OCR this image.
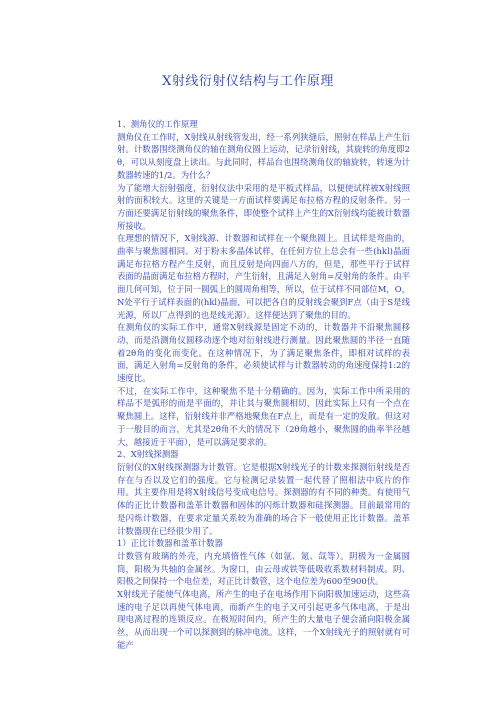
X射线衍射仪结构与工作原理

1、测角仪的工作原理

测角仪在工作时，X射线从射线管发出，经一系列狭缝后，照射在样品上产生衍射。计数器围绕测角仪的轴在测角仪圆上运动，记录衍射线，其旋转的角度即2θ，可以从刻度盘上读出。与此同时，样品台也围绕测角仪的轴旋转，转速为计数器转速的1/2。为什么？

为了能增大衍射强度，衍射仪法中采用的是平板式样品，以便使试样被X射线照射的面积较大。这里的关键是一方面试样要满足布拉格方程的反射条件。另一方面还要满足衍射线的聚焦条件，即使整个试样上产生的X衍射线均能被计数器所接收。

在理想的情况下，X射线源、计数器和试样在一个聚焦圆上。且试样是弯曲的，曲率与聚焦圆相同。对于粉末多晶体试样，在任何方位上总会有一些(hkl)晶面满足布拉格方程产生反射，而且反射是向四面八方的，但是，那些平行于试样表面的晶面满足布拉格方程时，产生衍射，且满足入射角=反射角的条件。由平面几何可知，位于同一圆弧上的圆周角相等，所以，位于试样不同部位M，O，N处平行于试样表面的(hkl)晶面，可以把各自的反射线会聚到F点（由于S是线光源，所以厂点得到的也是线光源）。这样便达到了聚焦的目的。

在测角仪的实际工作中，通常X射线源是固定不动的，计数器并不沿聚焦圆移动，而是沿测角仪圆移动逐个地对衍射线进行测量。因此聚焦圆的半径一直随着2θ角的变化而变化。在这种情况下，为了满足聚焦条件，即相对试样的表面，满足入射角=反射角的条件，必须使试样与计数器转动的角速度保持1:2的速度比。

不过，在实际工作中，这种聚焦不是十分精确的。因为，实际工作中所采用的样品不是弧形的而是平面的，并让其与聚焦圆相切，因此实际上只有一个点在聚焦圆上。这样，衍射线并非严格地聚焦在F点上，而是有一定的发散。但这对于一般目的而言，尤其是2θ角不大的情况下（2θ角越小，聚焦圆的曲率半径越大，越接近于平面），是可以满足要求的。

2、X射线探测器

衍射仪的X射线探测器为计数管。它是根据X射线光子的计数来探测衍射线是否存在与否以及它们的强度。它与检测记录装置一起代替了照相法中底片的作用。其主要作用是将X射线信号变成电信号。探测器的有不同的种类。有使用气体的正比计数器和盖革计数器和固体的闪烁计数器和硅探测器。目前最常用的是闪烁计数器，在要求定量关系较为准确的场合下一般使用正比计数器。盖革计数器现在已经很少用了。

1）正比计数器和盖革计数器

计数管有玻璃的外壳，内充填惰性气体（如氩、氪、氙等）。阴极为一金属圆筒，阳极为共轴的金属丝。为窗口，由云母或铁等低吸收系数材料制成。阴、阳极之间保持一个电位差，对正比计数管，这个电位差为600至900伏。

X射线光子能使气体电离，所产生的电子在电场作用下向阳极加速运动，这些高速的电子足以再使气体电离，而新产生的电子又可引起更多气体电离，于是出现电离过程的连锁反应。在极短时间内，所产生的大量电子便会涌向阳极金属丝，从而出现一个可以探测到的脉冲电流。这样，一个X射线光子的照射就有可能产
